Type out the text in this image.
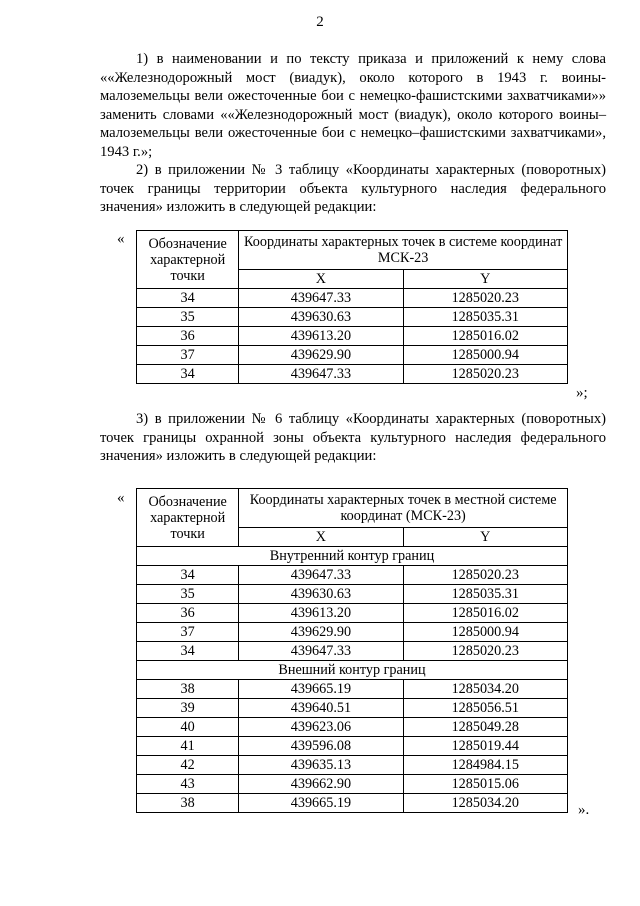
2

1) в наименовании и по тексту приказа и приложений к нему слова ««Железнодорожный мост (виадук), около которого в 1943 г. воины-малоземельцы вели ожесточенные бои с немецко-фашистскими захватчиками»» заменить словами ««Железнодорожный мост (виадук), около которого воины–малоземельцы вели ожесточенные бои с немецко–фашистскими захватчиками», 1943 г.»;

2) в приложении № 3 таблицу «Координаты характерных (поворотных) точек границы территории объекта культурного наследия федерального значения» изложить в следующей редакции:

« Обозначение характерной точки	Координаты характерных точек в системе координат МСК-23	
	X	Y
34	439647.33	1285020.23
35	439630.63	1285035.31
36	439613.20	1285016.02
37	439629.90	1285000.94
34	439647.33	1285020.23
»;

3) в приложении № 6 таблицу «Координаты характерных (поворотных) точек границы охранной зоны объекта культурного наследия федерального значения» изложить в следующей редакции:

« Обозначение характерной точки	Координаты характерных точек в местной системе координат (МСК-23)	
	X	Y
Внутренний контур границ		
34	439647.33	1285020.23
35	439630.63	1285035.31
36	439613.20	1285016.02
37	439629.90	1285000.94
34	439647.33	1285020.23
Внешний контур границ		
38	439665.19	1285034.20
39	439640.51	1285056.51
40	439623.06	1285049.28
41	439596.08	1285019.44
42	439635.13	1284984.15
43	439662.90	1285015.06
38	439665.19	1285034.20	».
